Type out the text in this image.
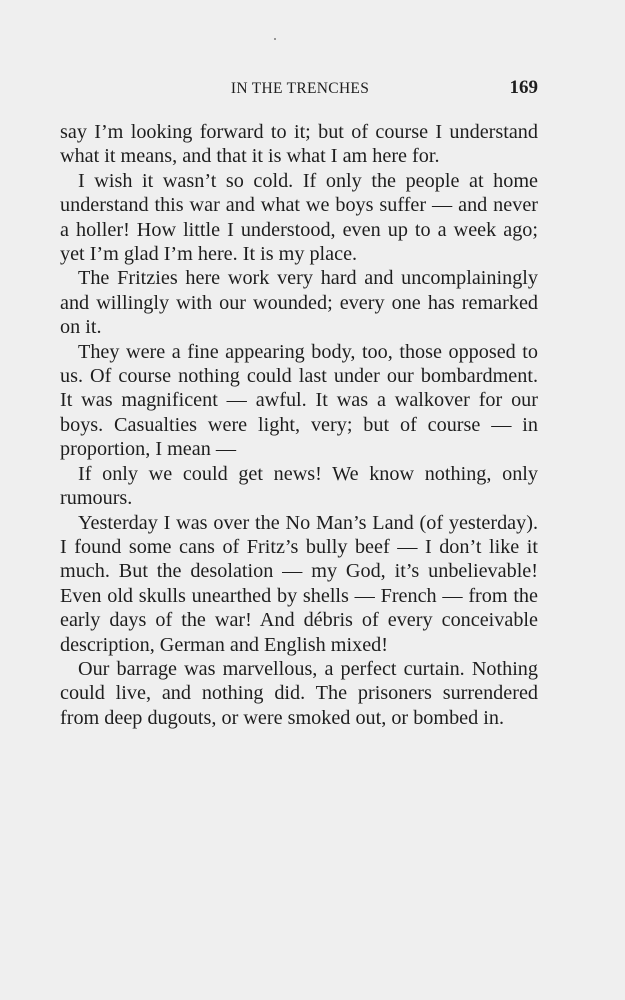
IN THE TRENCHES	169

say I’m looking forward to it; but of course I understand what it means, and that it is what I am here for.

I wish it wasn’t so cold. If only the people at home understand this war and what we boys suffer — and never a holler! How little I understood, even up to a week ago; yet I’m glad I’m here. It is my place.

The Fritzies here work very hard and uncomplainingly and willingly with our wounded; every one has remarked on it.

They were a fine appearing body, too, those opposed to us. Of course nothing could last under our bombardment. It was magnificent — awful. It was a walkover for our boys. Casualties were light, very; but of course — in proportion, I mean —

If only we could get news! We know nothing, only rumours.

Yesterday I was over the No Man’s Land (of yesterday). I found some cans of Fritz’s bully beef — I don’t like it much. But the desolation — my God, it’s unbelievable! Even old skulls unearthed by shells — French — from the early days of the war! And débris of every conceivable description, German and English mixed!

Our barrage was marvellous, a perfect curtain. Nothing could live, and nothing did. The prisoners surrendered from deep dugouts, or were smoked out, or bombed in.
